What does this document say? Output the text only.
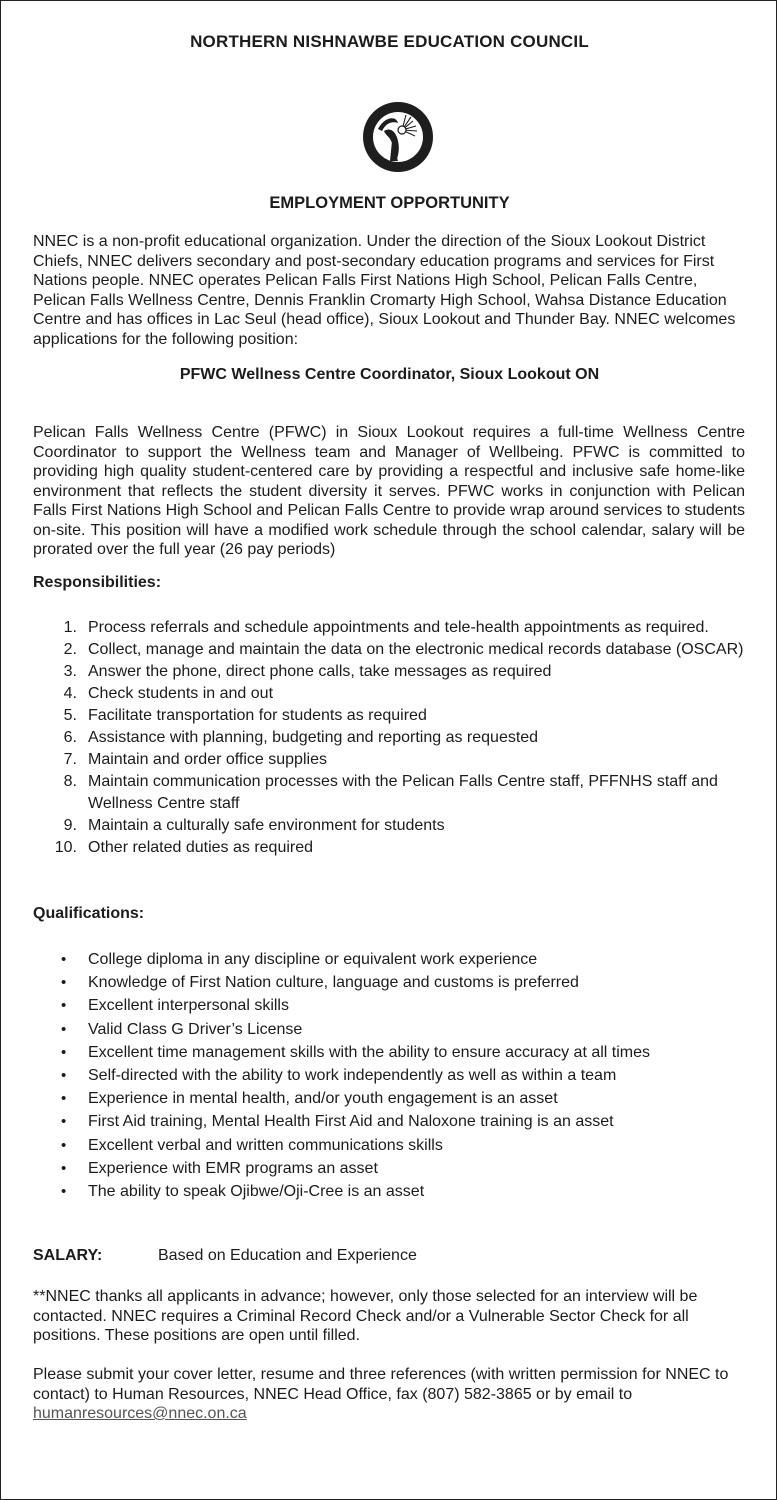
NORTHERN NISHNAWBE EDUCATION COUNCIL
EMPLOYMENT OPPORTUNITY
NNEC is a non-profit educational organization. Under the direction of the Sioux Lookout District Chiefs, NNEC delivers secondary and post-secondary education programs and services for First Nations people. NNEC operates Pelican Falls First Nations High School, Pelican Falls Centre, Pelican Falls Wellness Centre, Dennis Franklin Cromarty High School, Wahsa Distance Education Centre and has offices in Lac Seul (head office), Sioux Lookout and Thunder Bay. NNEC welcomes applications for the following position:
PFWC Wellness Centre Coordinator, Sioux Lookout ON
Pelican Falls Wellness Centre (PFWC) in Sioux Lookout requires a full-time Wellness Centre Coordinator to support the Wellness team and Manager of Wellbeing. PFWC is committed to providing high quality student-centered care by providing a respectful and inclusive safe home-like environment that reflects the student diversity it serves. PFWC works in conjunction with Pelican Falls First Nations High School and Pelican Falls Centre to provide wrap around services to students on-site. This position will have a modified work schedule through the school calendar, salary will be prorated over the full year (26 pay periods)
Responsibilities:
1. Process referrals and schedule appointments and tele-health appointments as required.
2. Collect, manage and maintain the data on the electronic medical records database (OSCAR)
3. Answer the phone, direct phone calls, take messages as required
4. Check students in and out
5. Facilitate transportation for students as required
6. Assistance with planning, budgeting and reporting as requested
7. Maintain and order office supplies
8. Maintain communication processes with the Pelican Falls Centre staff, PFFNHS staff and Wellness Centre staff
9. Maintain a culturally safe environment for students
10. Other related duties as required
Qualifications:
• College diploma in any discipline or equivalent work experience
• Knowledge of First Nation culture, language and customs is preferred
• Excellent interpersonal skills
• Valid Class G Driver’s License
• Excellent time management skills with the ability to ensure accuracy at all times
• Self-directed with the ability to work independently as well as within a team
• Experience in mental health, and/or youth engagement is an asset
• First Aid training, Mental Health First Aid and Naloxone training is an asset
• Excellent verbal and written communications skills
• Experience with EMR programs an asset
• The ability to speak Ojibwe/Oji-Cree is an asset
SALARY:	Based on Education and Experience
**NNEC thanks all applicants in advance; however, only those selected for an interview will be contacted. NNEC requires a Criminal Record Check and/or a Vulnerable Sector Check for all positions. These positions are open until filled.
Please submit your cover letter, resume and three references (with written permission for NNEC to contact) to Human Resources, NNEC Head Office, fax (807) 582-3865 or by email to
humanresources@nnec.on.ca
